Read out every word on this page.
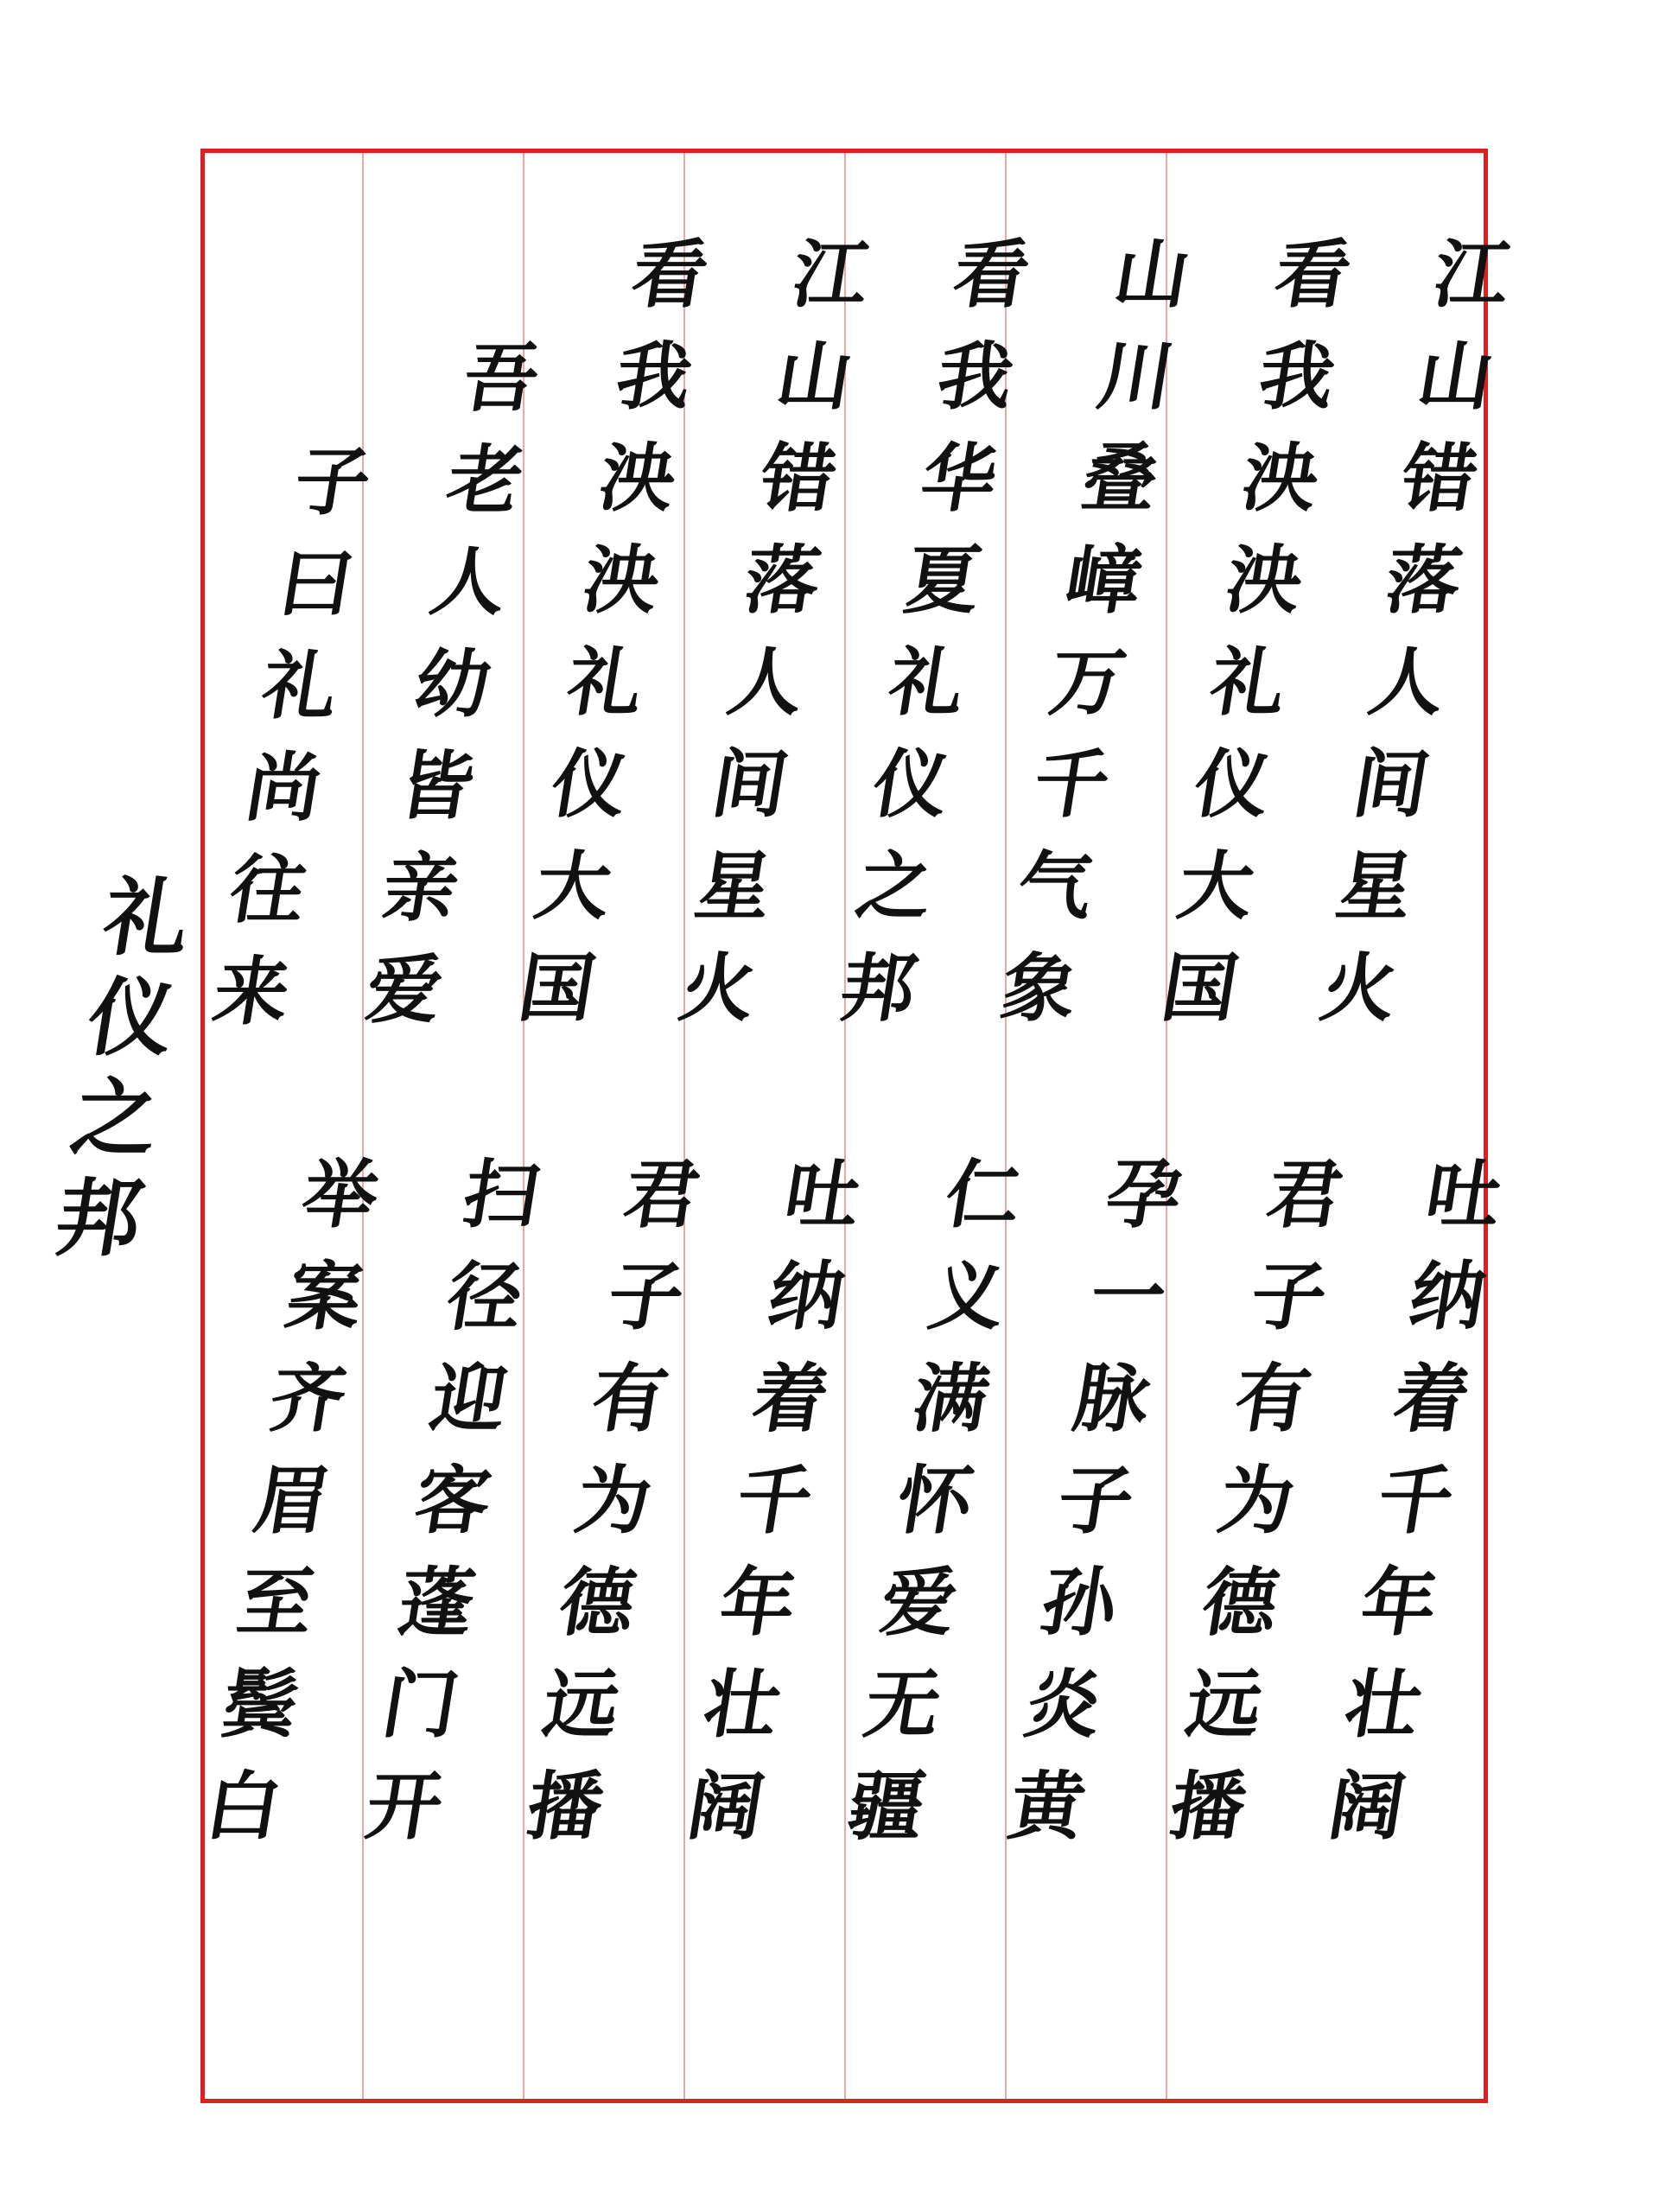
礼仪之邦
江山错落人间星火
吐纳着千年壮阔
看我泱泱礼仪大国
君子有为德远播
山川叠嶂万千气象
孕一脉子孙炎黄
看我华夏礼仪之邦
仁义满怀爱无疆
江山错落人间星火
吐纳着千年壮阔
看我泱泱礼仪大国
君子有为德远播
吾老人幼皆亲爱
扫径迎客蓬门开
子曰礼尚往来
举案齐眉至鬓白
